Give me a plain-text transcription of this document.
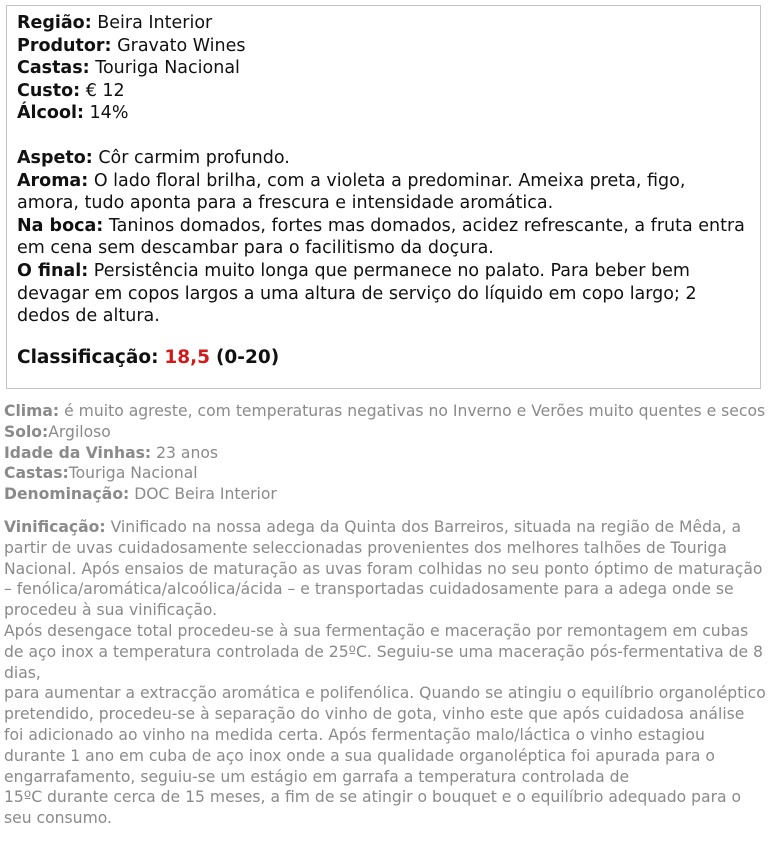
Região: Beira Interior

Produtor: Gravato Wines

Castas: Touriga Nacional

Custo: € 12

Álcool: 14%

Aspeto: Côr carmim profundo.

Aroma: O lado floral brilha, com a violeta a predominar. Ameixa preta, figo, amora, tudo aponta para a frescura e intensidade aromática.

Na boca: Taninos domados, fortes mas domados, acidez refrescante, a fruta entra em cena sem descambar para o facilitismo da doçura.

O final: Persistência muito longa que permanece no palato. Para beber bem devagar em copos largos a uma altura de serviço do líquido em copo largo; 2 dedos de altura.

Classificação: 18,5 (0-20)

Clima: é muito agreste, com temperaturas negativas no Inverno e Verões muito quentes e secos

Solo:Argiloso

Idade da Vinhas: 23 anos

Castas:Touriga Nacional

Denominação: DOC Beira Interior

Vinificação: Vinificado na nossa adega da Quinta dos Barreiros, situada na região de Mêda, a partir de uvas cuidadosamente seleccionadas provenientes dos melhores talhões de Touriga Nacional. Após ensaios de maturação as uvas foram colhidas no seu ponto óptimo de maturação – fenólica/aromática/alcoólica/ácida – e transportadas cuidadosamente para a adega onde se procedeu à sua vinificação.

Após desengace total procedeu-se à sua fermentação e maceração por remontagem em cubas de aço inox a temperatura controlada de 25ºC. Seguiu-se uma maceração pós-fermentativa de 8 dias,

para aumentar a extracção aromática e polifenólica. Quando se atingiu o equilíbrio organoléptico pretendido, procedeu-se à separação do vinho de gota, vinho este que após cuidadosa análise foi adicionado ao vinho na medida certa. Após fermentação malo/láctica o vinho estagiou durante 1 ano em cuba de aço inox onde a sua qualidade organoléptica foi apurada para o engarrafamento, seguiu-se um estágio em garrafa a temperatura controlada de

15ºC durante cerca de 15 meses, a fim de se atingir o bouquet e o equilíbrio adequado para o seu consumo.
